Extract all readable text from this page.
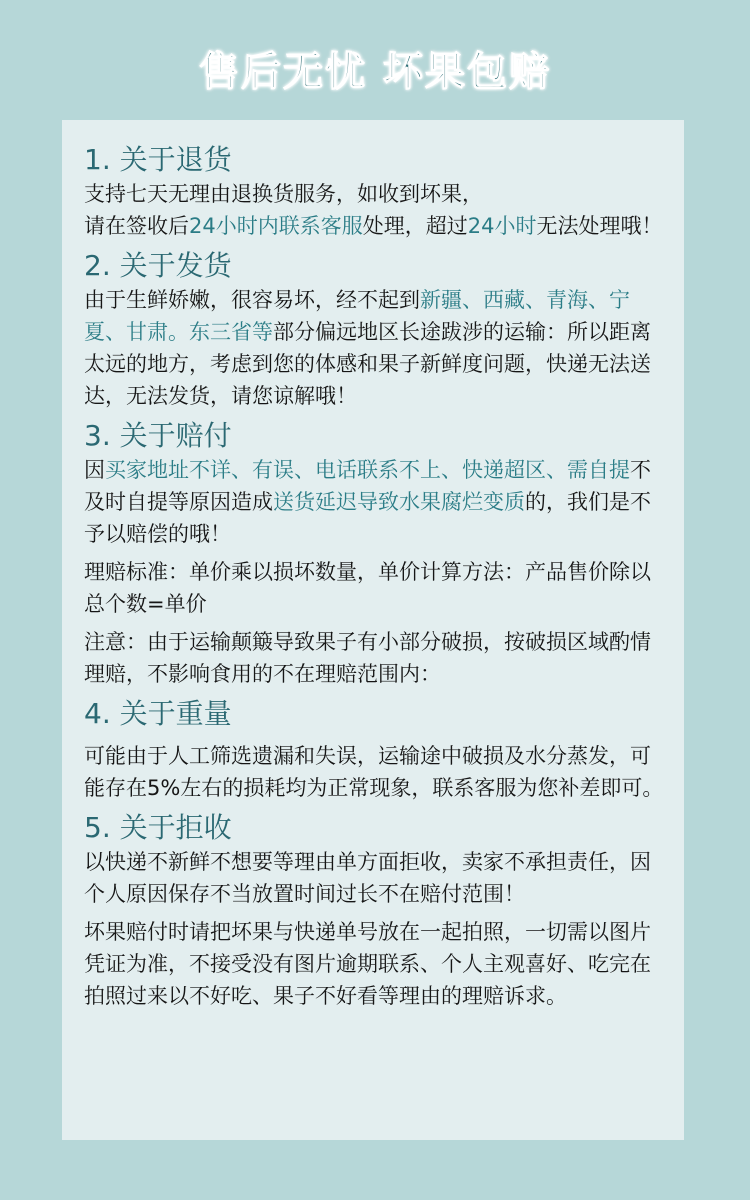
售后无忧 坏果包赔
1. 关于退货

支持七天无理由退换货服务，如收到坏果，
请在签收后24小时内联系客服处理，超过24小时无法处理哦！

2. 关于发货

由于生鲜娇嫩，很容易坏，经不起到新疆、西藏、青海、宁夏、甘肃。东三省等部分偏远地区长途跋涉的运输：所以距离太远的地方，考虑到您的体感和果子新鲜度问题，快递无法送达，无法发货，请您谅解哦！

3. 关于赔付

因买家地址不详、有误、电话联系不上、快递超区、需自提不及时自提等原因造成送货延迟导致水果腐烂变质的，我们是不予以赔偿的哦！

理赔标准：单价乘以损坏数量，单价计算方法：产品售价除以总个数=单价

注意：由于运输颠簸导致果子有小部分破损，按破损区域酌情理赔，不影响食用的不在理赔范围内：

4. 关于重量

可能由于人工筛选遗漏和失误，运输途中破损及水分蒸发，可能存在5%左右的损耗均为正常现象，联系客服为您补差即可。

5. 关于拒收

以快递不新鲜不想要等理由单方面拒收，卖家不承担责任，因个人原因保存不当放置时间过长不在赔付范围！

坏果赔付时请把坏果与快递单号放在一起拍照，一切需以图片凭证为准，不接受没有图片逾期联系、个人主观喜好、吃完在拍照过来以不好吃、果子不好看等理由的理赔诉求。
